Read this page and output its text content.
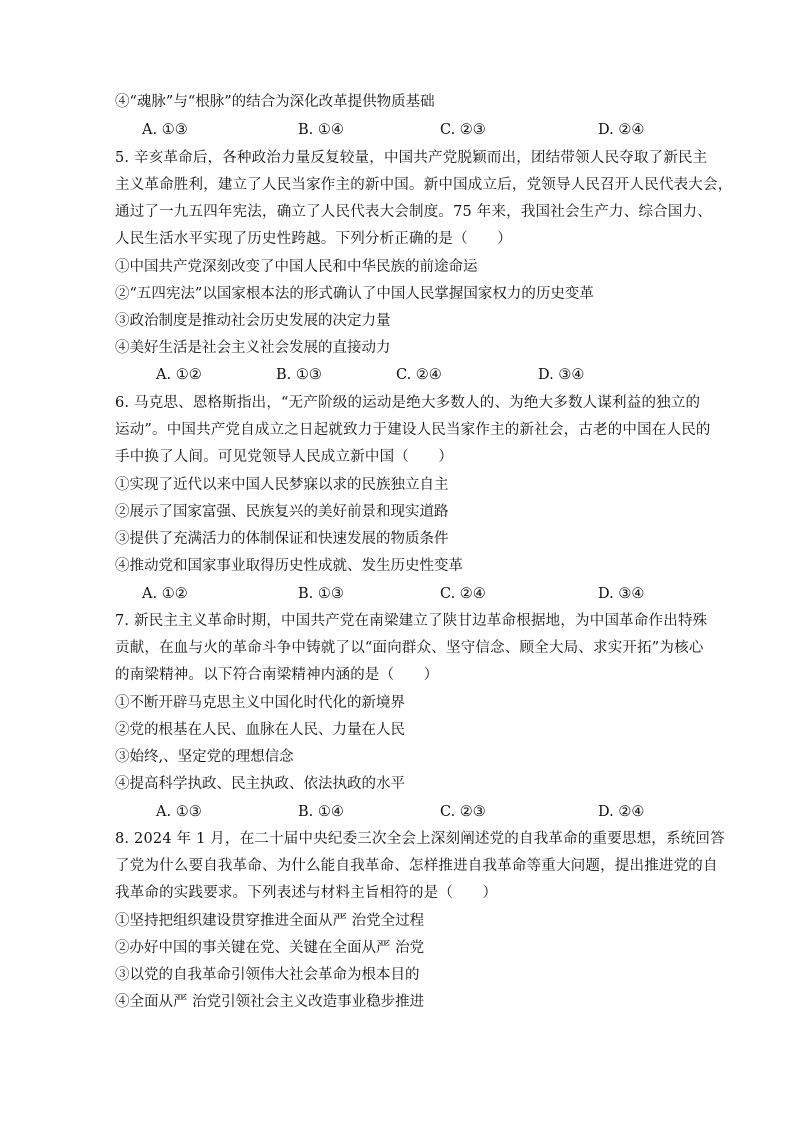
④“魂脉”与“根脉”的结合为深化改革提供物质基础
A. ①③	B. ①④	C. ②③	D. ②④
5. 辛亥革命后，各种政治力量反复较量，中国共产党脱颖而出，团结带领人民夺取了新民主
主义革命胜利，建立了人民当家作主的新中国。新中国成立后，党领导人民召开人民代表大会，
通过了一九五四年宪法，确立了人民代表大会制度。75 年来，我国社会生产力、综合国力、
人民生活水平实现了历史性跨越。下列分析正确的是（　　）
①中国共产党深刻改变了中国人民和中华民族的前途命运
②“五四宪法”以国家根本法的形式确认了中国人民掌握国家权力的历史变革
③政治制度是推动社会历史发展的决定力量
④美好生活是社会主义社会发展的直接动力
A. ①②	B. ①③	C. ②④	D. ③④
6. 马克思、恩格斯指出，“无产阶级的运动是绝大多数人的、为绝大多数人谋利益的独立的
运动”。中国共产党自成立之日起就致力于建设人民当家作主的新社会，古老的中国在人民的
手中换了人间。可见党领导人民成立新中国（　　）
①实现了近代以来中国人民梦寐以求的民族独立自主
②展示了国家富强、民族复兴的美好前景和现实道路
③提供了充满活力的体制保证和快速发展的物质条件
④推动党和国家事业取得历史性成就、发生历史性变革
A. ①②	B. ①③	C. ②④	D. ③④
7. 新民主主义革命时期，中国共产党在南梁建立了陕甘边革命根据地，为中国革命作出特殊
贡献，在血与火的革命斗争中铸就了以“面向群众、坚守信念、顾全大局、求实开拓”为核心
的南梁精神。以下符合南梁精神内涵的是（　　）
①不断开辟马克思主义中国化时代化的新境界
②党的根基在人民、血脉在人民、力量在人民
③始终,、坚定党的理想信念
④提高科学执政、民主执政、依法执政的水平
A. ①③	B. ①④	C. ②③	D. ②④
8. 2024 年 1 月，在二十届中央纪委三次全会上深刻阐述党的自我革命的重要思想，系统回答
了党为什么要自我革命、为什么能自我革命、怎样推进自我革命等重大问题，提出推进党的自
我革命的实践要求。下列表述与材料主旨相符的是（　　）
①坚持把组织建设贯穿推进全面从严 治党全过程
②办好中国的事关键在党、关键在全面从严 治党
③以党的自我革命引领伟大社会革命为根本目的
④全面从严 治党引领社会主义改造事业稳步推进
